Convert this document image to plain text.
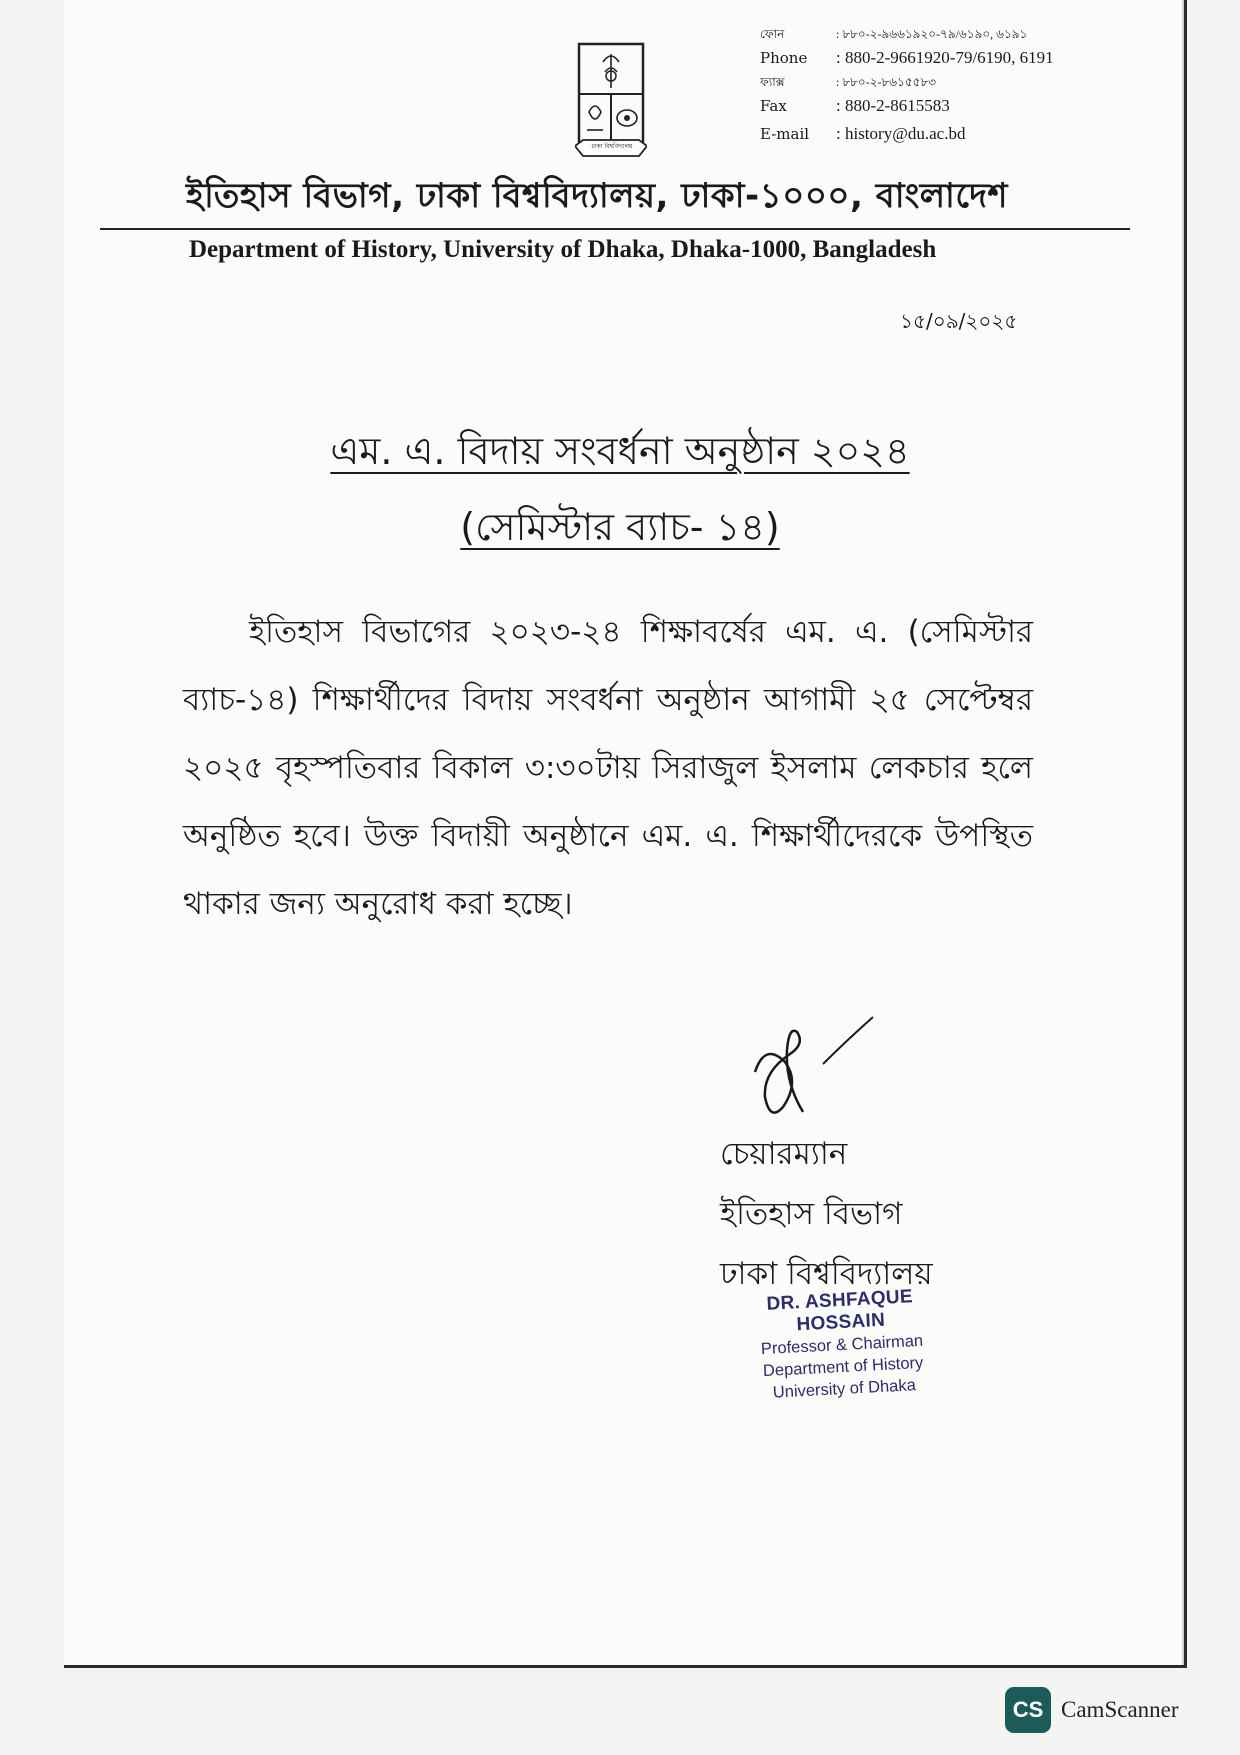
ঢাকা বিশ্ববিদ্যালয়
ফোন	: ৮৮০-২-৯৬৬১৯২০-৭৯/৬১৯০, ৬১৯১
Phone	: 880-2-9661920-79/6190, 6191
ফ্যাক্স	: ৮৮০-২-৮৬১৫৫৮৩
Fax	: 880-2-8615583
E-mail	: history@du.ac.bd
ইতিহাস বিভাগ, ঢাকা বিশ্ববিদ্যালয়, ঢাকা-১০০০, বাংলাদেশ
Department of History, University of Dhaka, Dhaka-1000, Bangladesh
১৫/০৯/২০২৫
এম. এ. বিদায় সংবর্ধনা অনুষ্ঠান ২০২৪
(সেমিস্টার ব্যাচ- ১৪)
ইতিহাস বিভাগের ২০২৩-২৪ শিক্ষাবর্ষের এম. এ. (সেমিস্টার ব্যাচ-১৪) শিক্ষার্থীদের বিদায় সংবর্ধনা অনুষ্ঠান আগামী ২৫ সেপ্টেম্বর ২০২৫ বৃহস্পতিবার বিকাল ৩:৩০টায় সিরাজুল ইসলাম লেকচার হলে অনুষ্ঠিত হবে। উক্ত বিদায়ী অনুষ্ঠানে এম. এ. শিক্ষার্থীদেরকে উপস্থিত থাকার জন্য অনুরোধ করা হচ্ছে।
চেয়ারম্যান
ইতিহাস বিভাগ
ঢাকা বিশ্ববিদ্যালয়
DR. ASHFAQUE HOSSAIN
Professor & Chairman
Department of History
University of Dhaka
CS CamScanner
